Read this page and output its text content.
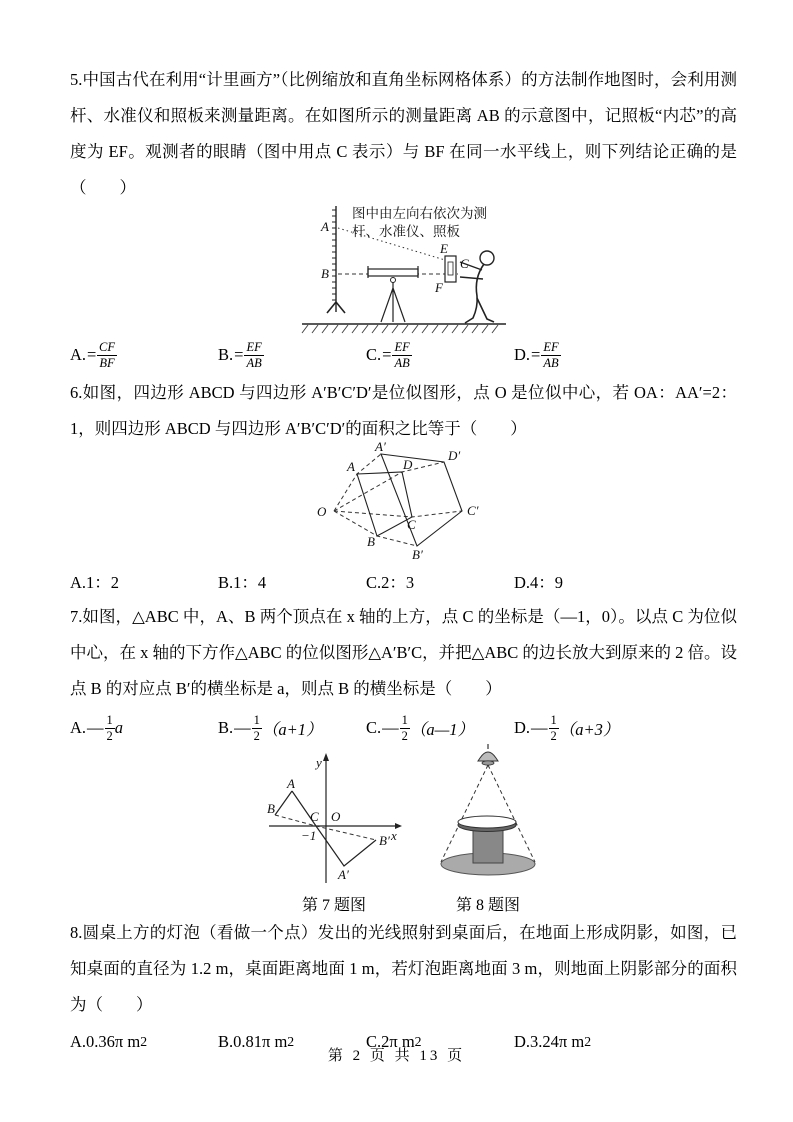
5.中国古代在利用“计里画方”（比例缩放和直角坐标网格体系）的方法制作地图时，会利用测杆、水准仪和照板来测量距离。在如图所示的测量距离 AB 的示意图中，记照板“内芯”的高度为 EF。观测者的眼睛（图中用点 C 表示）与 BF 在同一水平线上，则下列结论正确的是（　　）

图中由左向右依次为测
杆、水准仪、照板
A
B
E
C
F
A. = $\frac{CF}{BF}$	B. = $\frac{EF}{AB}$	C. = $\frac{EF}{AB}$	D. = $\frac{EF}{AB}$

6.如图，四边形 ABCD 与四边形 A′B′C′D′是位似图形，点 O 是位似中心，若 OA：AA′=2：1，则四边形 ABCD 与四边形 A′B′C′D′的面积之比等于（　　）

O
A	D
C
B
A′
D′
C′
B′
A.1：2	B.1：4	C.2：3	D.4：9

7.如图，△ABC 中，A、B 两个顶点在 x 轴的上方，点 C 的坐标是（—1，0）。以点 C 为位似中心，在 x 轴的下方作△ABC 的位似图形△A′B′C，并把△ABC 的边长放大到原来的 2 倍。设点 B 的对应点 B′的横坐标是 a，则点 B 的横坐标是（　　）

A. — $\frac{1}{2}$ a	B. — $\frac{1}{2} (a+1)$	C. — $\frac{1}{2}$ （a—1） D. — $\frac{1}{2} (a+3)$
y
x
O
A
B
C
−1	B′
A′
第 7 题图	第 8 题图

8.圆桌上方的灯泡（看做一个点）发出的光线照射到桌面后，在地面上形成阴影，如图，已知桌面的直径为 1.2 m，桌面距离地面 1 m，若灯泡距离地面 3 m，则地面上阴影部分的面积为（　　）

A.0.36π m 2	B.0.81π m 2	C.2π m 2	D.3.24π m 2
第 2 页 共 13 页
